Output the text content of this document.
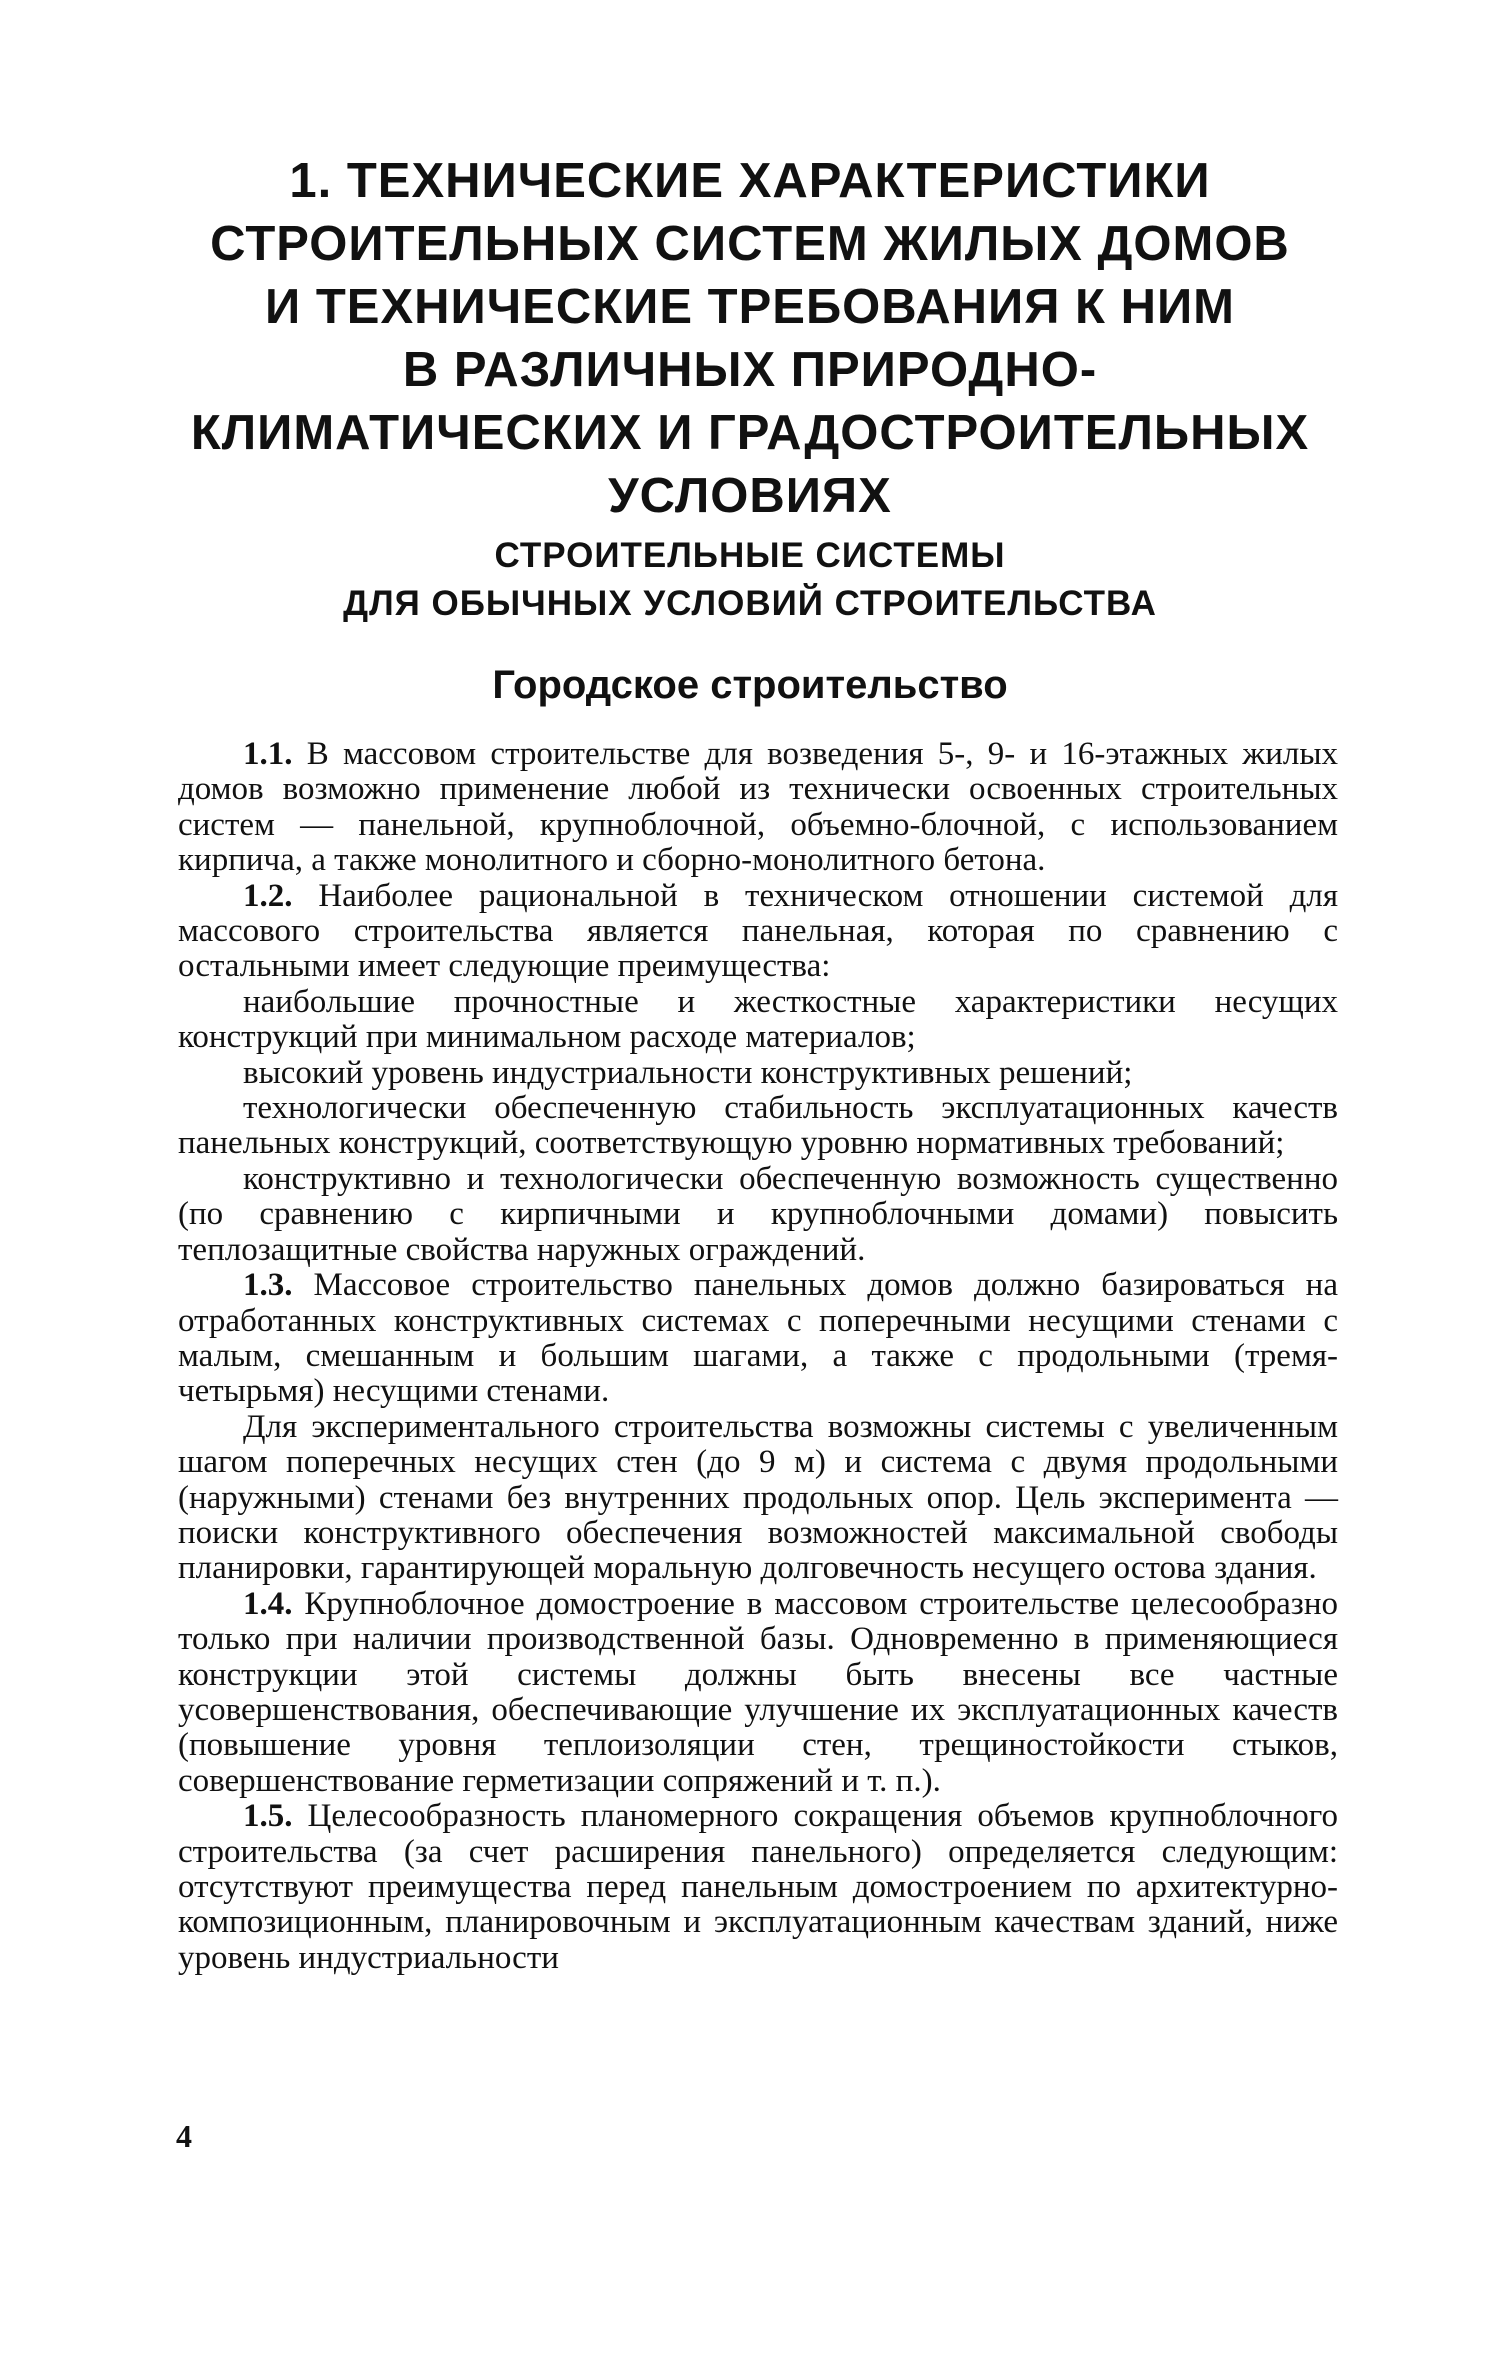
1. ТЕХНИЧЕСКИЕ ХАРАКТЕРИСТИКИ
СТРОИТЕЛЬНЫХ СИСТЕМ ЖИЛЫХ ДОМОВ
И ТЕХНИЧЕСКИЕ ТРЕБОВАНИЯ К НИМ
В РАЗЛИЧНЫХ ПРИРОДНО-
КЛИМАТИЧЕСКИХ И ГРАДОСТРОИТЕЛЬНЫХ
УСЛОВИЯХ
СТРОИТЕЛЬНЫЕ СИСТЕМЫ
ДЛЯ ОБЫЧНЫХ УСЛОВИЙ СТРОИТЕЛЬСТВА
Городское строительство

1.1. В массовом строительстве для возведения 5-, 9- и 16-этажных жилых домов возможно применение любой из технически освоенных строительных систем — панельной, крупноблочной, объемно-блочной, с использованием кирпича, а также монолитного и сборно-монолитного бетона.

1.2. Наиболее рациональной в техническом отношении системой для массового строительства является панельная, которая по сравнению с остальными имеет следующие преимущества:

наибольшие прочностные и жесткостные характеристики несущих конструкций при минимальном расходе материалов;

высокий уровень индустриальности конструктивных решений;

технологически обеспеченную стабильность эксплуатационных качеств панельных конструкций, соответствующую уровню нормативных требований;

конструктивно и технологически обеспеченную возможность существенно (по сравнению с кирпичными и крупноблочными домами) повысить теплозащитные свойства наружных ограждений.

1.3. Массовое строительство панельных домов должно базироваться на отработанных конструктивных системах с поперечными несущими стенами с малым, смешанным и большим шагами, а также с продольными (тремя-четырьмя) несущими стенами.

Для экспериментального строительства возможны системы с увеличенным шагом поперечных несущих стен (до 9 м) и система с двумя продольными (наружными) стенами без внутренних продольных опор. Цель эксперимента — поиски конструктивного обеспечения возможностей максимальной свободы планировки, гарантирующей моральную долговечность несущего остова здания.

1.4. Крупноблочное домостроение в массовом строительстве целесообразно только при наличии производственной базы. Одновременно в применяющиеся конструкции этой системы должны быть внесены все частные усовершенствования, обеспечивающие улучшение их эксплуатационных качеств (повышение уровня теплоизоляции стен, трещиностойкости стыков, совершенствование герметизации сопряжений и т. п.).

1.5. Целесообразность планомерного сокращения объемов крупноблочного строительства (за счет расширения панельного) определяется следующим: отсутствуют преимущества перед панельным домостроением по архитектурно-композиционным, планировочным и эксплуатационным качествам зданий, ниже уровень индустриальности

4
